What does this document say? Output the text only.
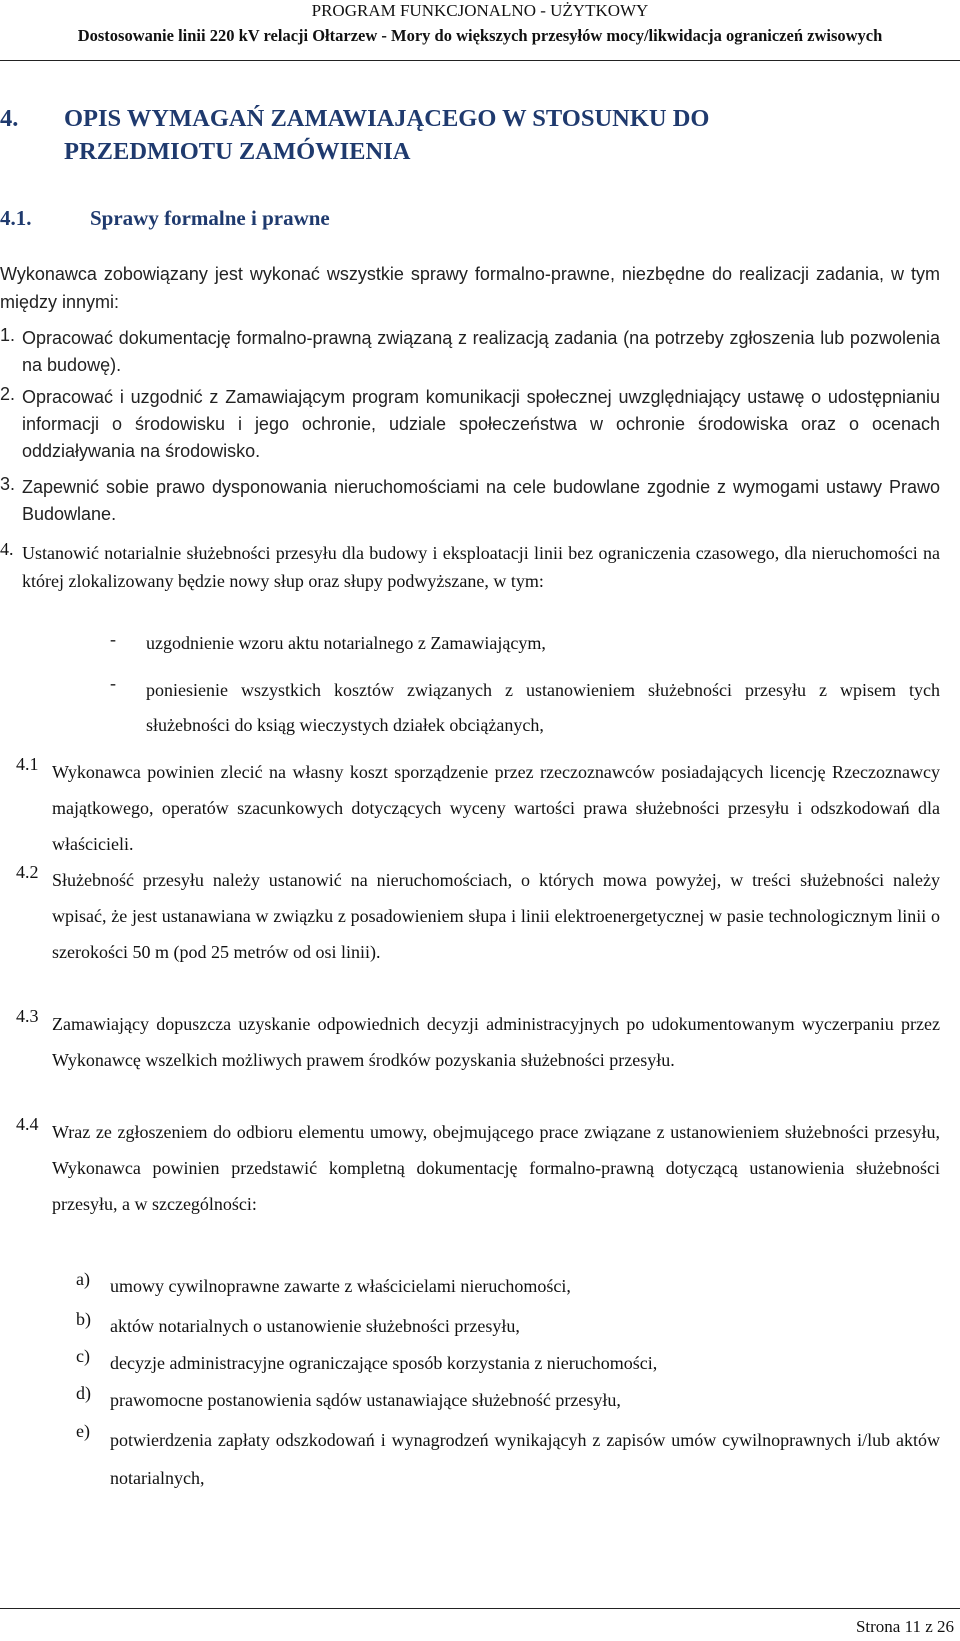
PROGRAM FUNKCJONALNO - UŻYTKOWY
Dostosowanie linii 220 kV relacji Ołtarzew - Mory do większych przesyłów mocy/likwidacja ograniczeń zwisowych
4. OPIS WYMAGAŃ ZAMAWIAJĄCEGO W STOSUNKU DO PRZEDMIOTU ZAMÓWIENIA
4.1.	Sprawy formalne i prawne
Wykonawca zobowiązany jest wykonać wszystkie sprawy formalno-prawne, niezbędne do realizacji zadania, w tym między innymi:
1. Opracować dokumentację formalno-prawną związaną z realizacją zadania (na potrzeby zgłoszenia lub pozwolenia na budowę).
2. Opracować i uzgodnić z Zamawiającym program komunikacji społecznej uwzględniający ustawę o udostępnianiu informacji o środowisku i jego ochronie, udziale społeczeństwa w ochronie środowiska oraz o ocenach oddziaływania na środowisko.
3. Zapewnić sobie prawo dysponowania nieruchomościami na cele budowlane zgodnie z wymogami ustawy Prawo Budowlane.
4. Ustanowić notarialnie służebności przesyłu dla budowy i eksploatacji linii bez ograniczenia czasowego, dla nieruchomości na której zlokalizowany będzie nowy słup oraz słupy podwyższane, w tym:
- uzgodnienie wzoru aktu notarialnego z Zamawiającym,
- poniesienie wszystkich kosztów związanych z ustanowieniem służebności przesyłu z wpisem tych służebności do ksiąg wieczystych działek obciążanych,
4.1 Wykonawca powinien zlecić na własny koszt sporządzenie przez rzeczoznawców posiadających licencję Rzeczoznawcy majątkowego, operatów szacunkowych dotyczących wyceny wartości prawa służebności przesyłu i odszkodowań dla właścicieli.
4.2 Służebność przesyłu należy ustanowić na nieruchomościach, o których mowa powyżej, w treści służebności należy wpisać, że jest ustanawiana w związku z posadowieniem słupa i linii elektroenergetycznej w pasie technologicznym linii o szerokości 50 m (pod 25 metrów od osi linii).
4.3 Zamawiający dopuszcza uzyskanie odpowiednich decyzji administracyjnych po udokumentowanym wyczerpaniu przez Wykonawcę wszelkich możliwych prawem środków pozyskania służebności przesyłu.
4.4 Wraz ze zgłoszeniem do odbioru elementu umowy, obejmującego prace związane z ustanowieniem służebności przesyłu, Wykonawca powinien przedstawić kompletną dokumentację formalno-prawną dotyczącą ustanowienia służebności przesyłu, a w szczególności:
a) umowy cywilnoprawne zawarte z właścicielami nieruchomości,
b) aktów notarialnych o ustanowienie służebności przesyłu,
c) decyzje administracyjne ograniczające sposób korzystania z nieruchomości,
d) prawomocne postanowienia sądów ustanawiające służebność przesyłu,
e) potwierdzenia zapłaty odszkodowań i wynagrodzeń wynikającyh z zapisów umów cywilnoprawnych i/lub aktów notarialnych,
Strona 11 z 26
